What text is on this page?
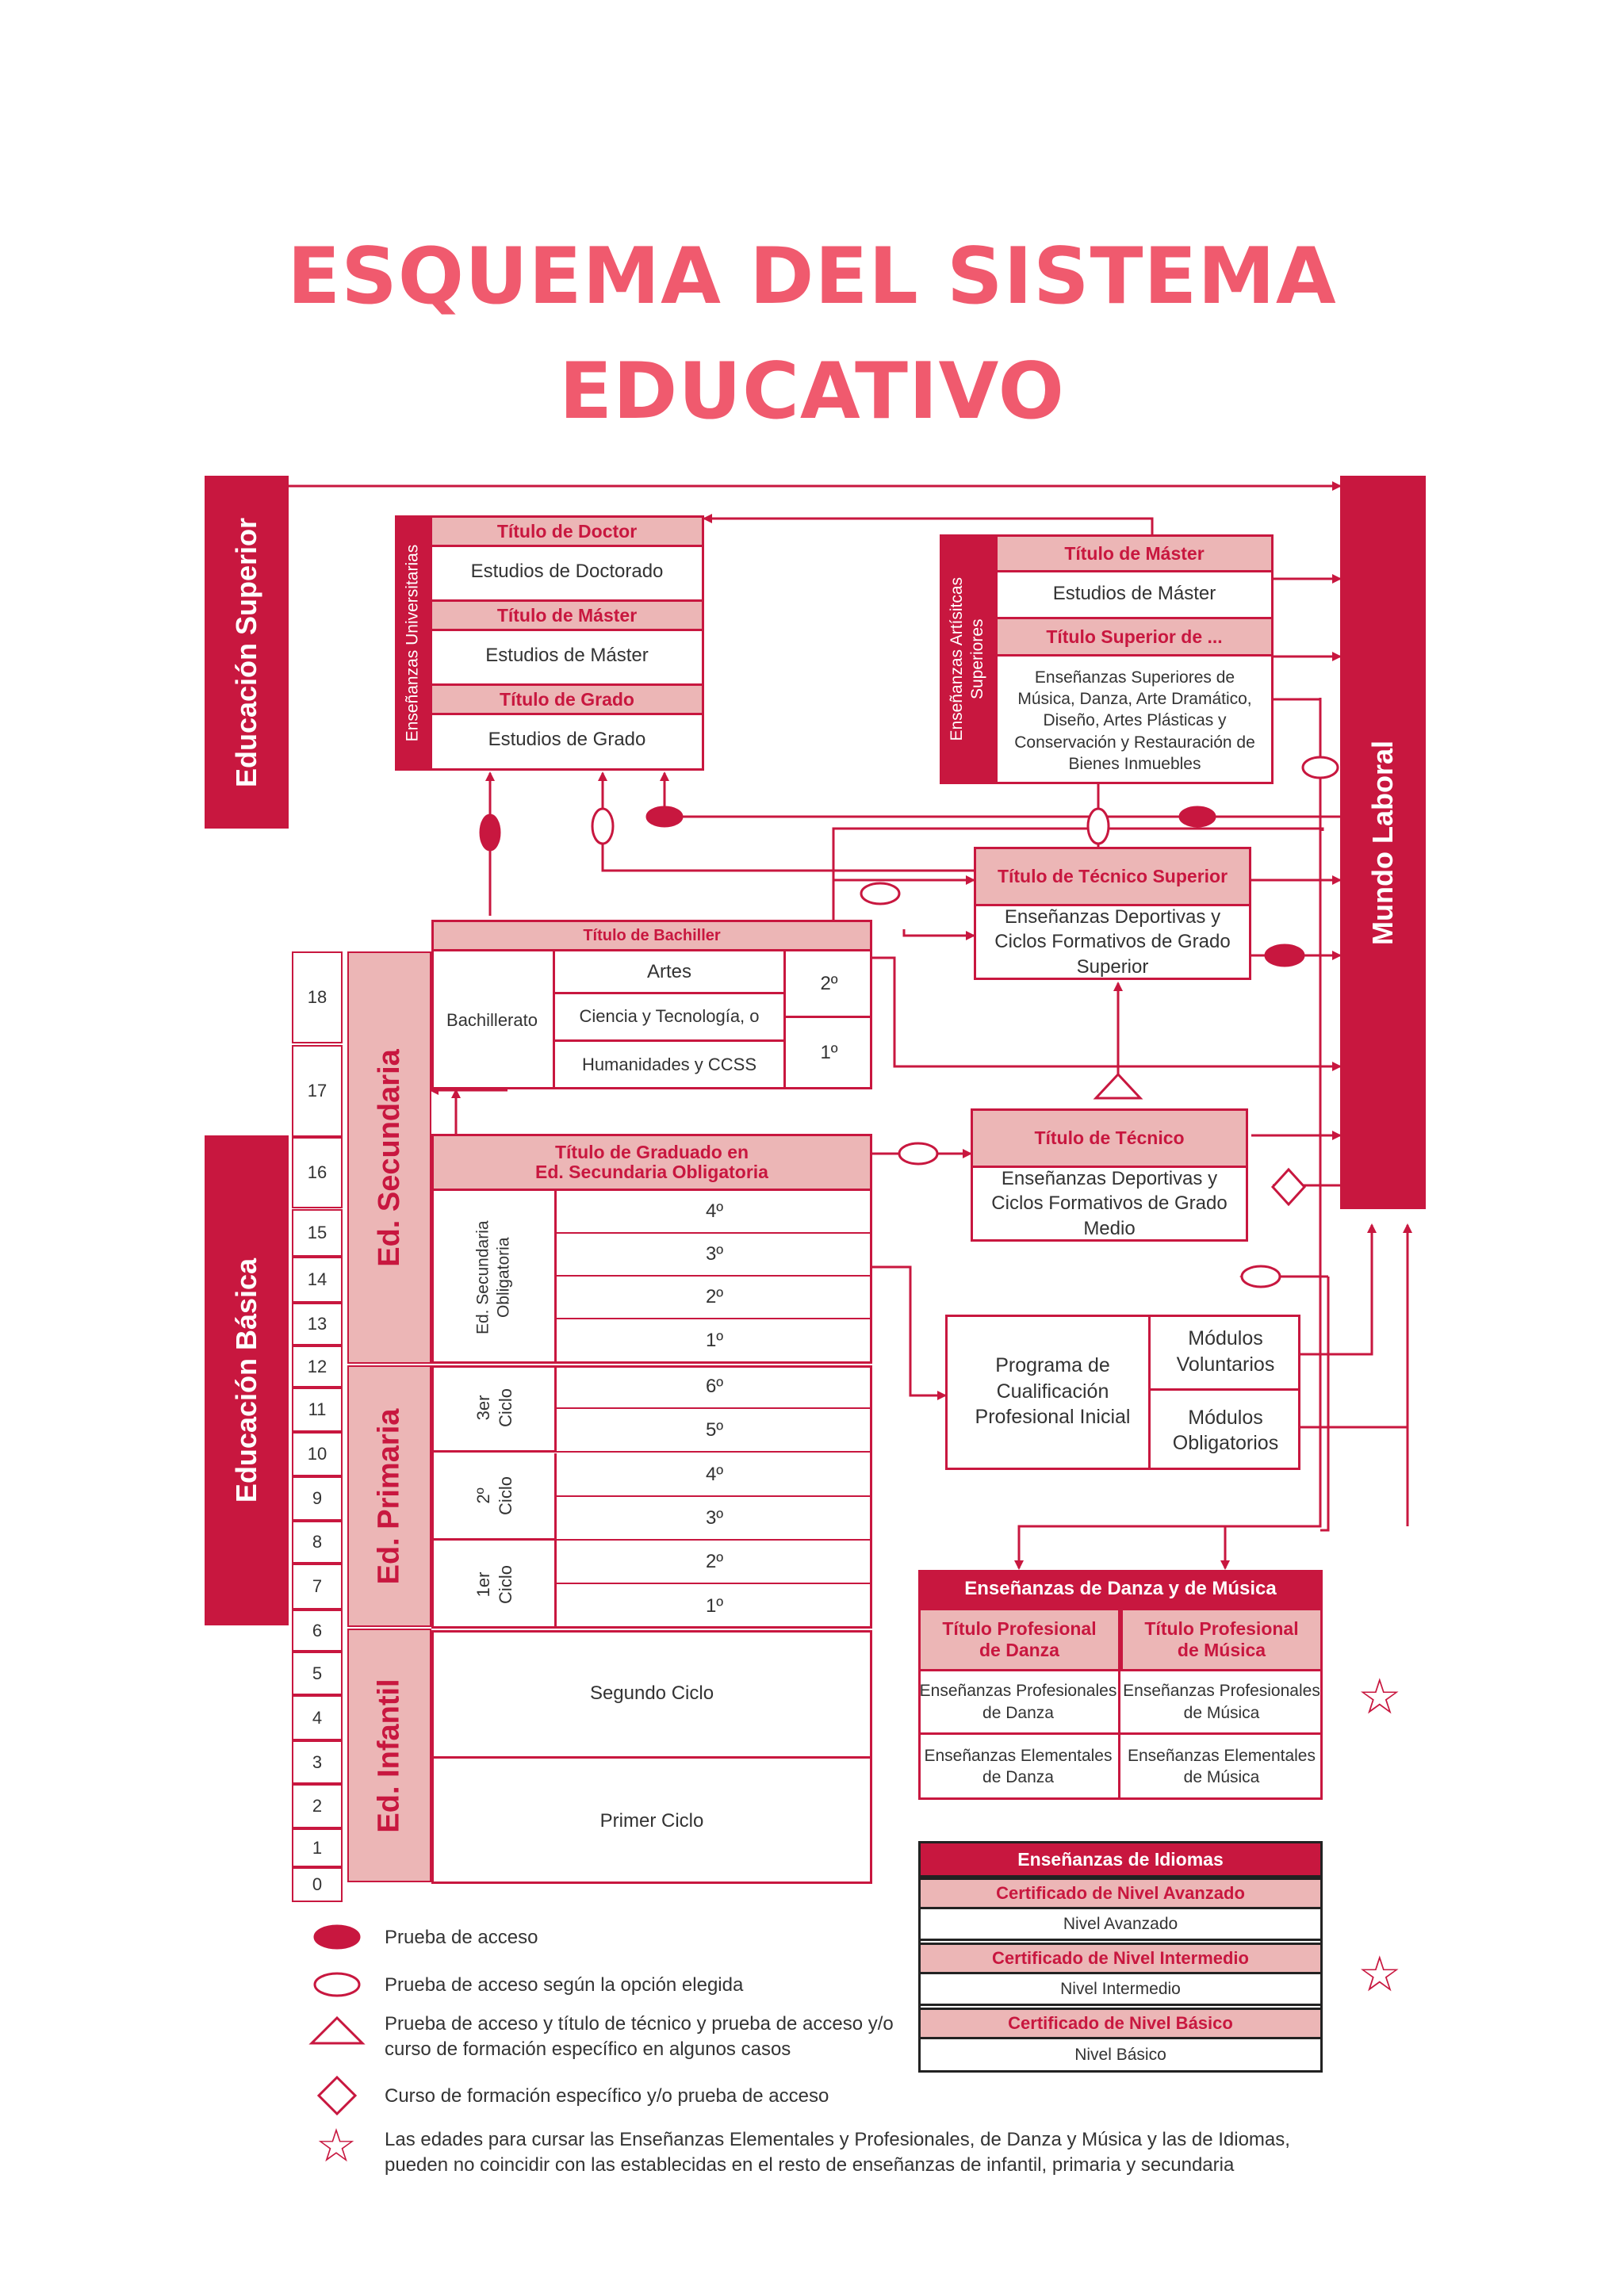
ESQUEMA DEL SISTEMA
EDUCATIVO
Educación Superior
Educación Básica
Mundo Laboral
Ed. Secundaria
Ed. Primaria
Ed. Infantil
18
17
16
15
14
13
12
11
10
9
8
7
6
5
4
3
2
1
0
Enseñanzas Universitarias
Título de Doctor
Estudios de Doctorado
Título de Máster
Estudios de Máster
Título de Grado
Estudios de Grado	Enseñanzas Artísitcas Superiores
Título de Máster
Estudios de Máster
Título Superior de ...
Enseñanzas Superiores de Música, Danza, Arte Dramático, Diseño, Artes Plásticas y Conservación y Restauración de Bienes Inmuebles
Título de Técnico Superior
Enseñanzas Deportivas y Ciclos Formativos de Grado Superior
Título de Técnico
Enseñanzas Deportivas y Ciclos Formativos de Grado Medio
Título de Bachiller
Bachillerato
Artes
Ciencia y Tecnología, o
Humanidades y CCSS
2º
1º
Título de Graduado en
Ed. Secundaria Obligatoria
Ed. Secundaria Obligatoria
4º
3º
2º
1º
3er Ciclo
6º
5º
2º Ciclo
4º
3º
1er Ciclo
2º
1º
Segundo Ciclo
Primer Ciclo
Programa de Cualificación Profesional Inicial
Módulos Voluntarios
Módulos Obligatorios
Enseñanzas de Danza y de Música
Título Profesional de Danza
Título Profesional de Música
Enseñanzas Profesionales de Danza
Enseñanzas Profesionales de Música
Enseñanzas Elementales de Danza
Enseñanzas Elementales de Música
Enseñanzas de Idiomas
Certificado de Nivel Avanzado
Nivel Avanzado
Certificado de Nivel Intermedio
Nivel Intermedio
Certificado de Nivel Básico
Nivel Básico
☆
☆
Prueba de acceso
Prueba de acceso según la opción elegida
Prueba de acceso y título de técnico y prueba de acceso y/o curso de formación específico en algunos casos
Curso de formación específico y/o prueba de acceso
☆ Las edades para cursar las Enseñanzas Elementales y Profesionales, de Danza y Música y las de Idiomas, pueden no coincidir con las establecidas en el resto de enseñanzas de infantil, primaria y secundaria
